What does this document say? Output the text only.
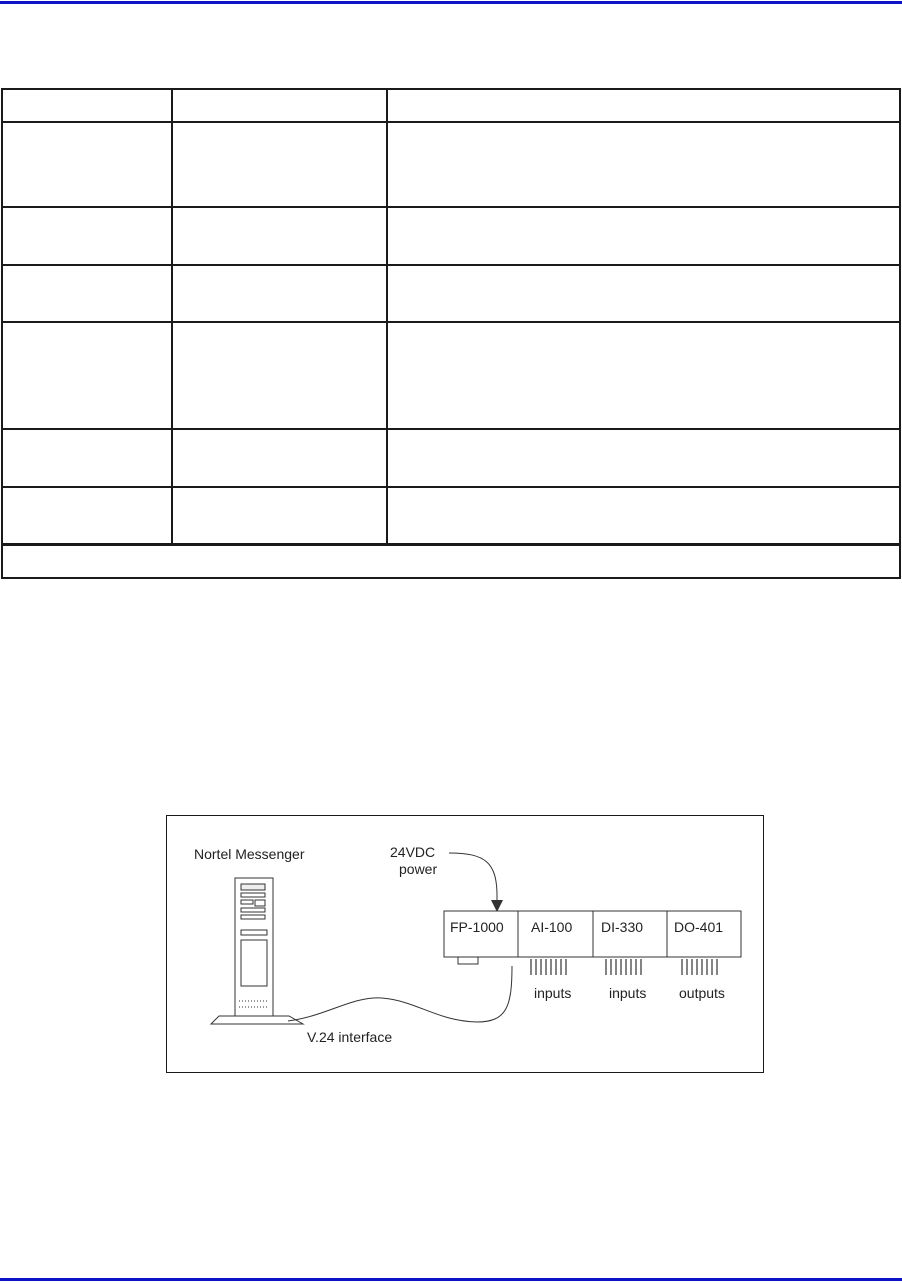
Nortel Messenger	24VDC
power
FP-1000 AI-100 DI-330 DO-401
inputs	inputs outputs
V.24 interface
